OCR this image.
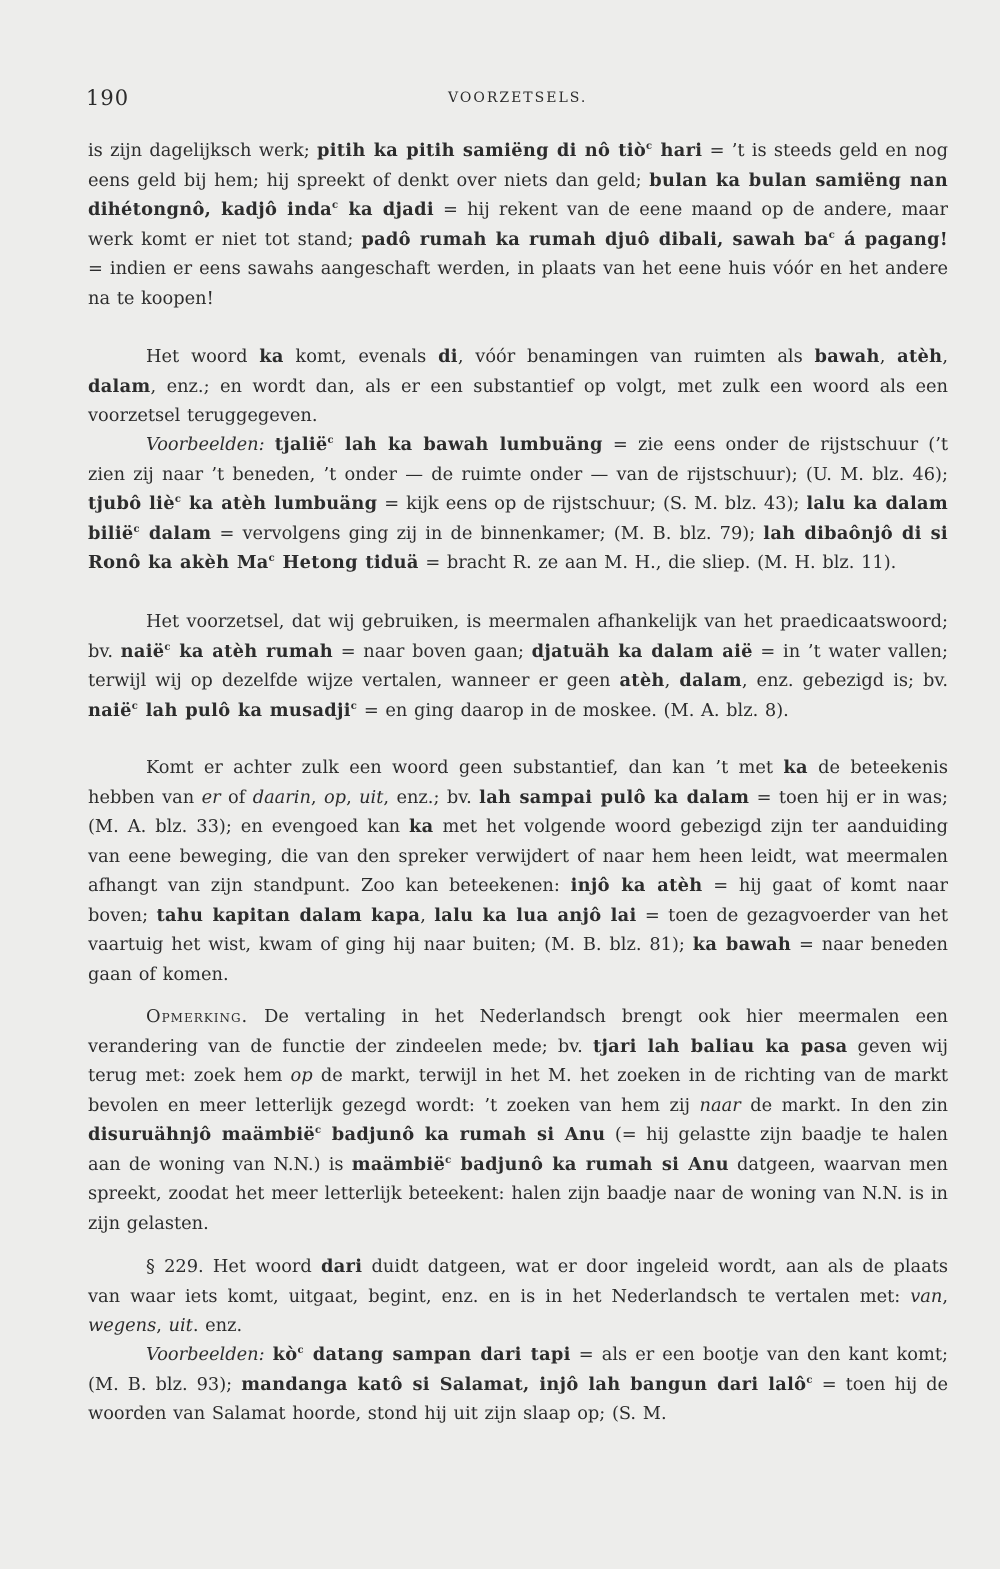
190	VOORZETSELS.

is zijn dagelijksch werk; pitih ka pitih samiëng di nô tiò$^c$ hari = ’t is steeds geld en nog eens geld bij hem; hij spreekt of denkt over niets dan geld; bulan ka bulan samiëng nan dihétongnô, kadjô inda$^c$ ka djadi = hij rekent van de eene maand op de andere, maar werk komt er niet tot stand; padô rumah ka rumah djuô dibali, sawah $ba^c$ á pagang! = indien er eens sawahs aangeschaft werden, in plaats van het eene huis vóór en het andere na te koopen!

Het woord ka komt, evenals di, vóór benamingen van ruimten als bawah, atèh, dalam, enz.; en wordt dan, als er een substantief op volgt, met zulk een woord als een voorzetsel teruggegeven.

Voorbeelden: tjalië$^c$ lah ka bawah lumbuäng = zie eens onder de rijstschuur (’t zien zij naar ’t beneden, ’t onder — de ruimte onder — van de rijstschuur); (U. M. blz. 46); tjubô liè$^c$ ka atèh lumbuäng = kijk eens op de rijstschuur; (S. M. blz. 43); lalu ka dalam bilië$^c$ dalam = vervolgens ging zij in de binnenkamer; (M. B. blz. 79); lah dibaônjô di si Ronô ka akèh Ma$^c$ Hetong tiduä = bracht R. ze aan M. H., die sliep. (M. H. blz. 11).

Het voorzetsel, dat wij gebruiken, is meermalen afhankelijk van het praedicaatswoord; bv. naië$^c$ ka atèh rumah = naar boven gaan; djatuäh ka dalam aië = in ’t water vallen; terwijl wij op dezelfde wijze vertalen, wanneer er geen atèh, dalam, enz. gebezigd is; bv. naië$^c$ lah pulô ka musadji$^c$ = en ging daarop in de moskee. (M. A. blz. 8).

Komt er achter zulk een woord geen substantief, dan kan ’t met ka de beteekenis hebben van er of daarin, op, uit, enz.; bv. lah sampai pulô ka dalam = toen hij er in was; (M. A. blz. 33); en evengoed kan ka met het volgende woord gebezigd zijn ter aanduiding van eene beweging, die van den spreker verwijdert of naar hem heen leidt, wat meermalen afhangt van zijn standpunt. Zoo kan beteekenen: injô ka atèh = hij gaat of komt naar boven; tahu kapitan dalam kapa, lalu ka lua anjô lai = toen de gezagvoerder van het vaartuig het wist, kwam of ging hij naar buiten; (M. B. blz. 81); ka bawah = naar beneden gaan of komen.

Opmerking. De vertaling in het Nederlandsch brengt ook hier meermalen een verandering van de functie der zindeelen mede; bv. tjari lah baliau ka pasa geven wij terug met: zoek hem op de markt, terwijl in het M. het zoeken in de richting van de markt bevolen en meer letterlijk gezegd wordt: ’t zoeken van hem zij naar de markt. In den zin disuruähnjô maämbië$^c$ badjunô ka rumah si Anu (= hij gelastte zijn baadje te halen aan de woning van N.N.) is maämbië$^c$ badjunô ka rumah si Anu datgeen, waarvan men spreekt, zoodat het meer letterlijk beteekent: halen zijn baadje naar de woning van N.N. is in zijn gelasten.

§ 229. Het woord dari duidt datgeen, wat er door ingeleid wordt, aan als de plaats van waar iets komt, uitgaat, begint, enz. en is in het Nederlandsch te vertalen met: van, wegens, uit. enz.

Voorbeelden: $kò^c$ datang sampan dari tapi = als er een bootje van den kant komt; (M. B. blz. 93); mandanga katô si Salamat, injô lah bangun dari lalô$^c$ = toen hij de woorden van Salamat hoorde, stond hij uit zijn slaap op; (S. M.
